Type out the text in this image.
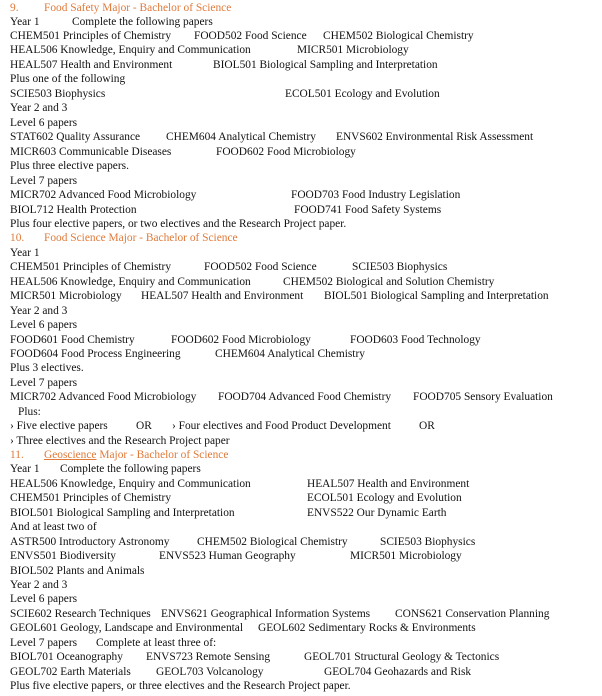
9. Food Safety Major - Bachelor of Science
Year 1	Complete the following papers
CHEM501 Principles of Chemistry FOOD502 Food Science CHEM502 Biological Chemistry
HEAL506 Knowledge, Enquiry and Communication	MICR501 Microbiology
HEAL507 Health and Environment	BIOL501 Biological Sampling and Interpretation
Plus one of the following
SCIE503 Biophysics	ECOL501 Ecology and Evolution
Year 2 and 3
Level 6 papers
STAT602 Quality Assurance CHEM604 Analytical Chemistry ENVS602 Environmental Risk Assessment
MICR603 Communicable Diseases	FOOD602 Food Microbiology
Plus three elective papers.
Level 7 papers
MICR702 Advanced Food Microbiology	FOOD703 Food Industry Legislation
BIOL712 Health Protection	FOOD741 Food Safety Systems
Plus four elective papers, or two electives and the Research Project paper.
10. Food Science Major - Bachelor of Science
Year 1
CHEM501 Principles of Chemistry	FOOD502 Food Science	SCIE503 Biophysics
HEAL506 Knowledge, Enquiry and Communication	CHEM502 Biological and Solution Chemistry
MICR501 Microbiology HEAL507 Health and Environment BIOL501 Biological Sampling and Interpretation
Year 2 and 3
Level 6 papers
FOOD601 Food Chemistry	FOOD602 Food Microbiology	FOOD603 Food Technology
FOOD604 Food Process Engineering	CHEM604 Analytical Chemistry
Plus 3 electives.
Level 7 papers
MICR702 Advanced Food Microbiology FOOD704 Advanced Food Chemistry FOOD705 Sensory Evaluation
Plus:
› Five elective papers OR › Four electives and Food Product Development OR
› Three electives and the Research Project paper
11. Geoscience Major - Bachelor of Science
Year 1 Complete the following papers
HEAL506 Knowledge, Enquiry and Communication	HEAL507 Health and Environment
CHEM501 Principles of Chemistry	ECOL501 Ecology and Evolution
BIOL501 Biological Sampling and Interpretation	ENVS522 Our Dynamic Earth
And at least two of
ASTR500 Introductory Astronomy CHEM502 Biological Chemistry	SCIE503 Biophysics
ENVS501 Biodiversity	ENVS523 Human Geography	MICR501 Microbiology
BIOL502 Plants and Animals
Year 2 and 3
Level 6 papers
SCIE602 Research Techniques ENVS621 Geographical Information Systems CONS621 Conservation Planning
GEOL601 Geology, Landscape and Environmental GEOL602 Sedimentary Rocks & Environments
Level 7 papers Complete at least three of:
BIOL701 Oceanography ENVS723 Remote Sensing	GEOL701 Structural Geology & Tectonics
GEOL702 Earth Materials GEOL703 Volcanology	GEOL704 Geohazards and Risk
Plus five elective papers, or three electives and the Research Project paper.
